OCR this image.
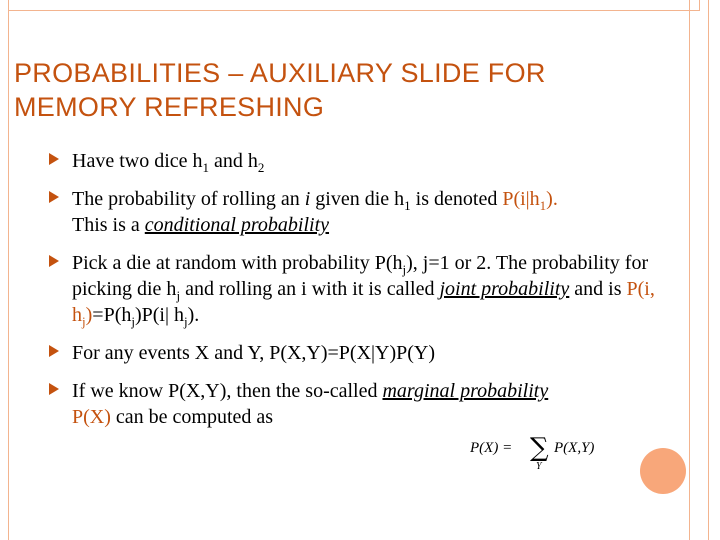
PROBABILITIES – AUXILIARY SLIDE FOR
MEMORY REFRESHING
Have two dice $h_1$ and $h_2$
The probability of rolling an i given die $h_1$ is denoted $P(i|h_1)$.
This is a conditional probability
Pick a die at random with probability $P(h_j)$, j=1 or 2. The probability for picking die $h_j$ and rolling an i with it is called joint probability and is P(i, $h_j)=P(h_j)P(i|$ $h_j$).
For any events X and Y, P(X,Y)=P(X|Y)P(Y)
If we know P(X,Y), then the so-called marginal probability
P(X) can be computed as
P(X) = ∑
Y
P(X,Y)
